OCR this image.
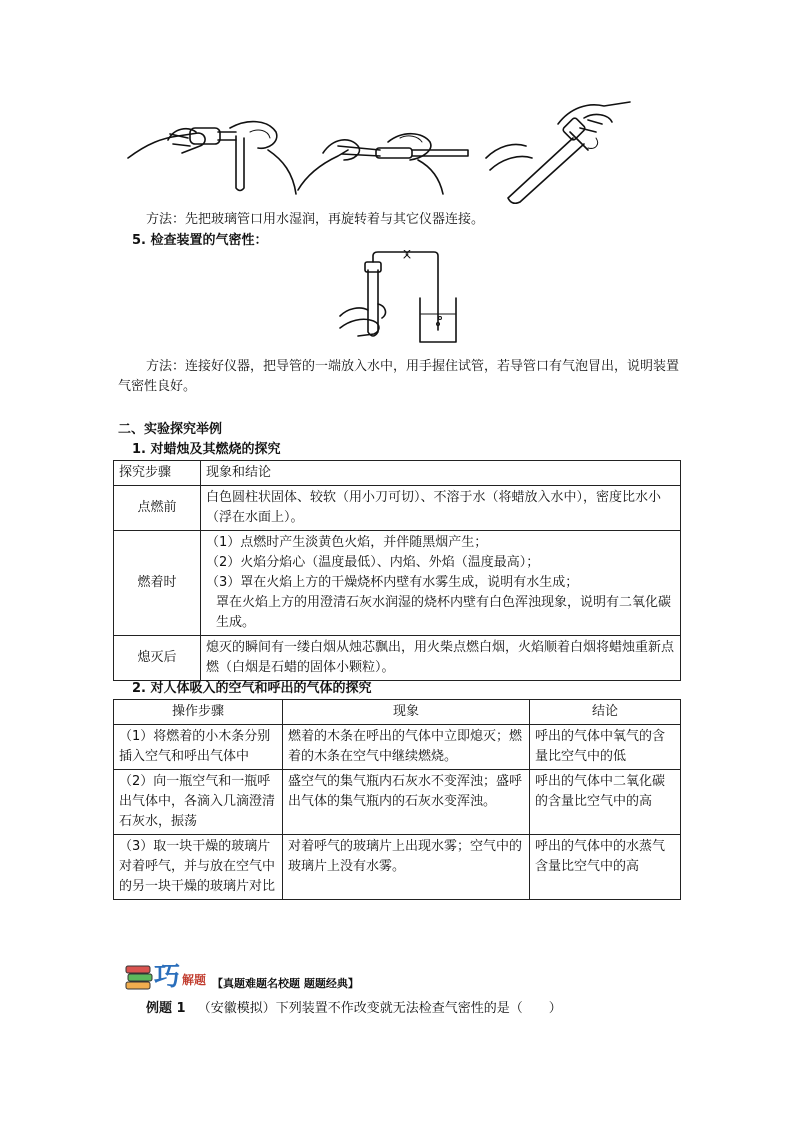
方法：先把玻璃管口用水湿润，再旋转着与其它仪器连接。
5. 检查装置的气密性：
方法：连接好仪器，把导管的一端放入水中，用手握住试管，若导管口有气泡冒出，说明装置气密性良好。
二、实验探究举例
1. 对蜡烛及其燃烧的探究
探究步骤	现象和结论
点燃前	白色圆柱状固体、较软（用小刀可切）、不溶于水（将蜡放入水中），密度比水小（浮在水面上）。
燃着时	（1）点燃时产生淡黄色火焰，并伴随黑烟产生；
（2）火焰分焰心（温度最低）、内焰、外焰（温度最高）；
（3）罩在火焰上方的干燥烧杯内壁有水雾生成，说明有水生成；
罩在火焰上方的用澄清石灰水润湿的烧杯内壁有白色浑浊现象，说明有二氧化碳生成。

熄灭后	熄灭的瞬间有一缕白烟从烛芯飘出，用火柴点燃白烟，火焰顺着白烟将蜡烛重新点燃（白烟是石蜡的固体小颗粒）。
2. 对人体吸入的空气和呼出的气体的探究
操作步骤	现象	结论
（1）将燃着的小木条分别插入空气和呼出气体中	燃着的木条在呼出的气体中立即熄灭；燃着的木条在空气中继续燃烧。	呼出的气体中氧气的含量比空气中的低
（2）向一瓶空气和一瓶呼出气体中，各滴入几滴澄清石灰水，振荡	盛空气的集气瓶内石灰水不变浑浊；盛呼出气体的集气瓶内的石灰水变浑浊。	呼出的气体中二氧化碳的含量比空气中的高
（3）取一块干燥的玻璃片对着呼气，并与放在空气中的另一块干燥的玻璃片对比	对着呼气的玻璃片上出现水雾；空气中的玻璃片上没有水雾。	呼出的气体中的水蒸气含量比空气中的高
巧 解题 【真题难题名校题 题题经典】
例题 1 （安徽模拟）下列装置不作改变就无法检查气密性的是（　　）
